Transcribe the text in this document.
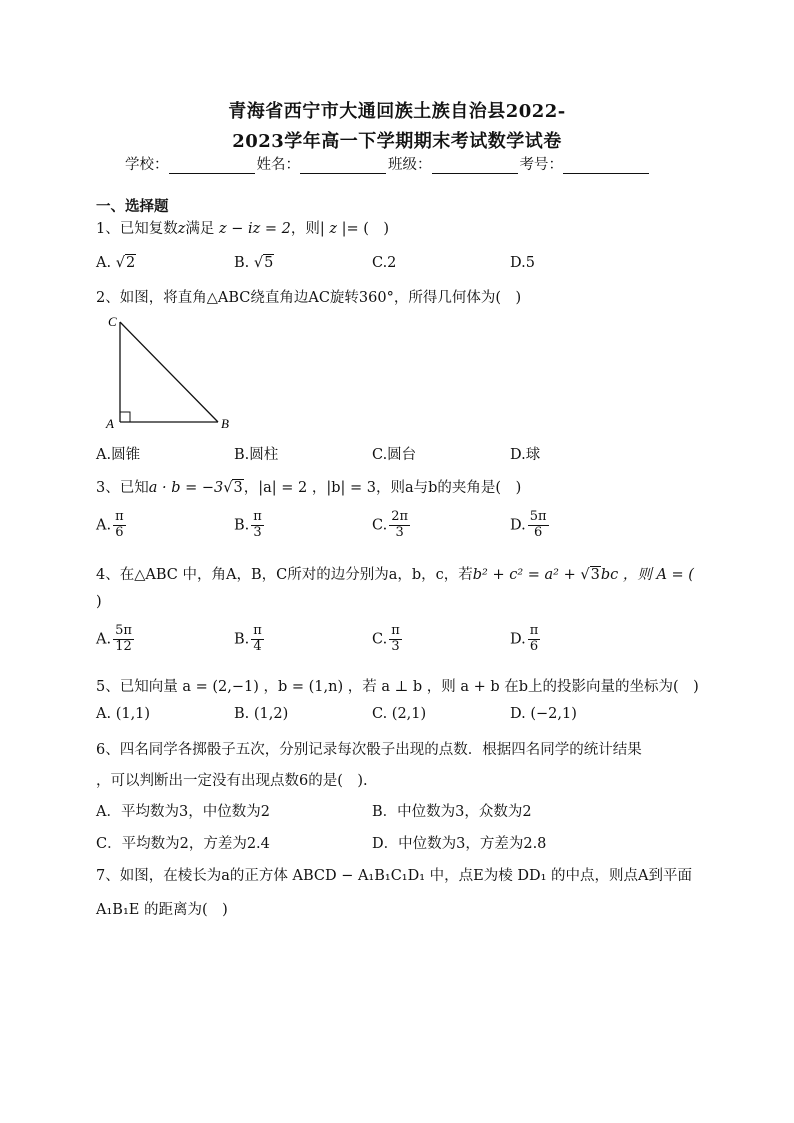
青海省西宁市大通回族土族自治县2022-
2023学年高一下学期期末考试数学试卷
学校：	姓名：	班级：	考号：
一、选择题
1、已知复数z满足 z − iz = 2，则| z |= (　)
A. √2	B. √5	C.2	D.5
2、如图，将直角△ABC绕直角边AC旋转360°，所得几何体为(　)
C
A	B
A.圆锥	B.圆柱	C.圆台	D.球
3、已知a · b = −3√3，|a| = 2 ，|b| = 3，则a与b的夹角是(　)
A. $\frac{\pi}{6}$	B. $\frac{\pi}{3}$	C. $\frac{2\pi}{3}$	D. $\frac{5\pi}{6}$
4、在△ABC 中，角A，B，C所对的边分别为a，b，c，若b² + c² = a² + √3bc ，则 A = (
)
A. $\frac{5\pi}{12}$	B. $\frac{\pi}{4}$	C. $\frac{\pi}{3}$	D. $\frac{\pi}{6}$
5、已知向量 a = (2,−1) ，b = (1,n) ，若 a ⊥ b ，则 a + b 在b上的投影向量的坐标为(　)
A. (1,1)	B. (1,2)	C. (2,1)	D. (−2,1)
6、四名同学各掷骰子五次，分别记录每次骰子出现的点数．根据四名同学的统计结果
，可以判断出一定没有出现点数6的是(　).
A．平均数为3，中位数为2	B．中位数为3，众数为2
C．平均数为2，方差为2.4	D．中位数为3，方差为2.8
7、如图，在棱长为a的正方体 ABCD − A₁B₁C₁D₁ 中，点E为棱 DD₁ 的中点，则点A到平面
A₁B₁E 的距离为(　)
